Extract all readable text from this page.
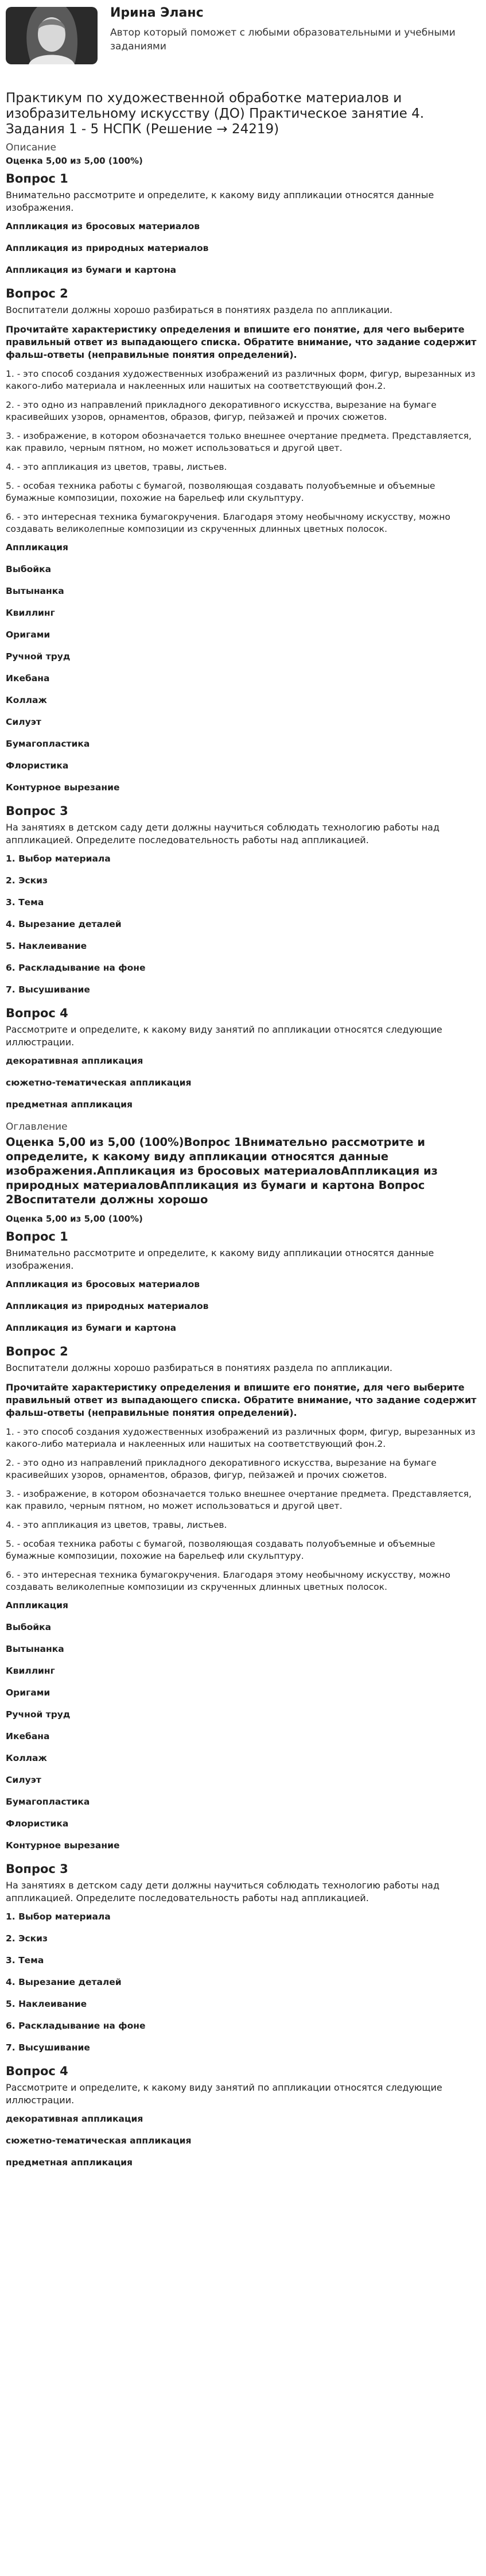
Ирина Эланс
Автор который поможет с любыми образовательными и учебными заданиями
Практикум по художественной обработке материалов и изобразительному искусству (ДО) Практическое занятие 4. Задания 1 - 5 НСПК (Решение → 24219)
Описание
Оценка 5,00 из 5,00 (100%)
Вопрос 1
Внимательно рассмотрите и определите, к какому виду аппликации относятся данные изображения.
Аппликация из бросовых материалов
Аппликация из природных материалов
Аппликация из бумаги и картона
Вопрос 2
Воспитатели должны хорошо разбираться в понятиях раздела по аппликации.
Прочитайте характеристику определения и впишите его понятие, для чего выберите правильный ответ из выпадающего списка. Обратите внимание, что задание содержит фальш-ответы (неправильные понятия определений).
1. - это способ создания художественных изображений из различных форм, фигур, вырезанных из какого-либо материала и наклеенных или нашитых на соответствующий фон.2.
2. - это одно из направлений прикладного декоративного искусства, вырезание на бумаге красивейших узоров, орнаментов, образов, фигур, пейзажей и прочих сюжетов.
3. - изображение, в котором обозначается только внешнее очертание предмета. Представляется, как правило, черным пятном, но может использоваться и другой цвет.
4. - это аппликация из цветов, травы, листьев.
5. - особая техника работы с бумагой, позволяющая создавать полуобъемные и объемные бумажные композиции, похожие на барельеф или скульптуру.
6. - это интересная техника бумагокручения. Благодаря этому необычному искусству, можно создавать великолепные композиции из скрученных длинных цветных полосок.
Аппликация
Выбойка
Вытынанка
Квиллинг
Оригами
Ручной труд
Икебана
Коллаж
Силуэт
Бумагопластика
Флористика
Контурное вырезание
Вопрос 3
На занятиях в детском саду дети должны научиться соблюдать технологию работы над аппликацией. Определите последовательность работы над аппликацией.
1. Выбор материала
2. Эскиз
3. Тема
4. Вырезание деталей
5. Наклеивание
6. Раскладывание на фоне
7. Высушивание
Вопрос 4
Рассмотрите и определите, к какому виду занятий по аппликации относятся следующие иллюстрации.
декоративная аппликация
сюжетно-тематическая аппликация
предметная аппликация
Оглавление
Оценка 5,00 из 5,00 (100%)Вопрос 1Внимательно рассмотрите и определите, к какому виду аппликации относятся данные изображения.Аппликация из бросовых материаловАппликация из природных материаловАппликация из бумаги и картона Вопрос 2Воспитатели должны хорошо
Оценка 5,00 из 5,00 (100%)
Вопрос 1
Внимательно рассмотрите и определите, к какому виду аппликации относятся данные изображения.
Аппликация из бросовых материалов
Аппликация из природных материалов
Аппликация из бумаги и картона
Вопрос 2
Воспитатели должны хорошо разбираться в понятиях раздела по аппликации.
Прочитайте характеристику определения и впишите его понятие, для чего выберите правильный ответ из выпадающего списка. Обратите внимание, что задание содержит фальш-ответы (неправильные понятия определений).
1. - это способ создания художественных изображений из различных форм, фигур, вырезанных из какого-либо материала и наклеенных или нашитых на соответствующий фон.2.
2. - это одно из направлений прикладного декоративного искусства, вырезание на бумаге красивейших узоров, орнаментов, образов, фигур, пейзажей и прочих сюжетов.
3. - изображение, в котором обозначается только внешнее очертание предмета. Представляется, как правило, черным пятном, но может использоваться и другой цвет.
4. - это аппликация из цветов, травы, листьев.
5. - особая техника работы с бумагой, позволяющая создавать полуобъемные и объемные бумажные композиции, похожие на барельеф или скульптуру.
6. - это интересная техника бумагокручения. Благодаря этому необычному искусству, можно создавать великолепные композиции из скрученных длинных цветных полосок.
Аппликация
Выбойка
Вытынанка
Квиллинг
Оригами
Ручной труд
Икебана
Коллаж
Силуэт
Бумагопластика
Флористика
Контурное вырезание
Вопрос 3
На занятиях в детском саду дети должны научиться соблюдать технологию работы над аппликацией. Определите последовательность работы над аппликацией.
1. Выбор материала
2. Эскиз
3. Тема
4. Вырезание деталей
5. Наклеивание
6. Раскладывание на фоне
7. Высушивание
Вопрос 4
Рассмотрите и определите, к какому виду занятий по аппликации относятся следующие иллюстрации.
декоративная аппликация
сюжетно-тематическая аппликация
предметная аппликация
